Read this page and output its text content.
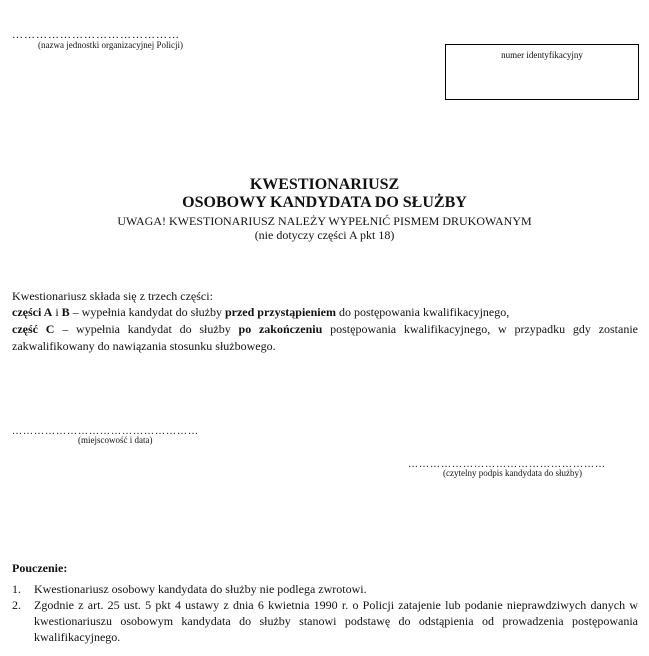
……………………………………
(nazwa jednostki organizacyjnej Policji)
numer identyfikacyjny
KWESTIONARIUSZ
OSOBOWY KANDYDATA DO SŁUŻBY
UWAGA! KWESTIONARIUSZ NALEŻY WYPEŁNIĆ PISMEM DRUKOWANYM
(nie dotyczy części A pkt 18)
Kwestionariusz składa się z trzech części:
części A i B – wypełnia kandydat do służby przed przystąpieniem do postępowania kwalifikacyjnego,
część C – wypełnia kandydat do służby po zakończeniu postępowania kwalifikacyjnego, w przypadku gdy zostanie zakwalifikowany do nawiązania stosunku służbowego.
……………………………………………
(miejscowość i data)
………………………………………………
(czytelny podpis kandydata do służby)
Pouczenie:
1.	Kwestionariusz osobowy kandydata do służby nie podlega zwrotowi.
2.	Zgodnie z art. 25 ust. 5 pkt 4 ustawy z dnia 6 kwietnia 1990 r. o Policji zatajenie lub podanie nieprawdziwych danych w kwestionariuszu osobowym kandydata do służby stanowi podstawę do odstąpienia od prowadzenia postępowania kwalifikacyjnego.
